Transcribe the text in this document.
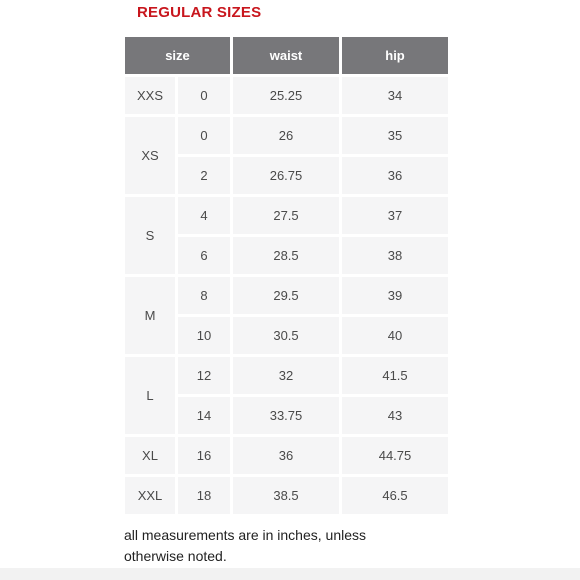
REGULAR SIZES
size		waist	hip
XXS	0	25.25	34
XS	0	26	35
	2	26.75	36
S	4	27.5	37
	6	28.5	38
M	8	29.5	39
	10	30.5	40
L	12	32	41.5
	14	33.75	43
XL	16	36	44.75
XXL	18	38.5	46.5
all measurements are in inches, unless otherwise noted.
